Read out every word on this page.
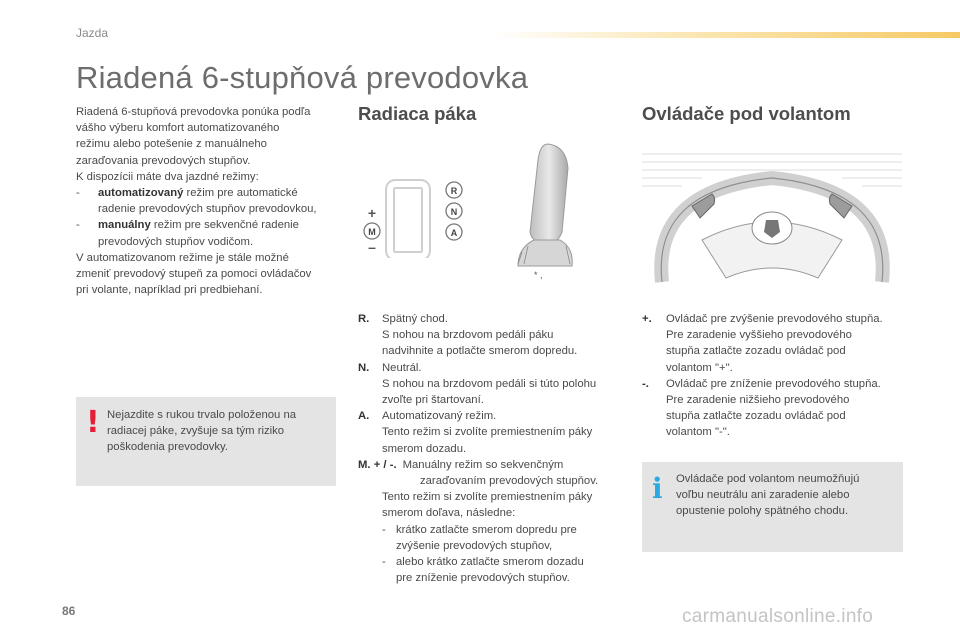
Jazda
Riadená 6-stupňová prevodovka
Riadená 6-stupňová prevodovka ponúka podľa
vášho výberu komfort automatizovaného
režimu alebo potešenie z manuálneho
zaraďovania prevodových stupňov.
K dispozícii máte dva jazdné režimy:
-	automatizovaný režim pre automatické
radenie prevodových stupňov prevodovkou,
-	manuálny režim pre sekvenčné radenie
prevodových stupňov vodičom.
V automatizovanom režime je stále možné
zmeniť prevodový stupeň za pomoci ovládačov
pri volante, napríklad pri predbiehaní.
! Nejazdite s rukou trvalo položenou na
radiacej páke, zvyšuje sa tým riziko
poškodenia prevodovky.
Radiaca páka
+
–
M
R
N
A
* ,
R.	Spätný chod.
S nohou na brzdovom pedáli páku
nadvihnite a potlačte smerom dopredu.
N.	Neutrál.
S nohou na brzdovom pedáli si túto polohu
zvoľte pri štartovaní.
A.	Automatizovaný režim.
Tento režim si zvolíte premiestnením páky
smerom dozadu.
M. + / -. Manuálny režim so sekvenčným
zaraďovaním prevodových stupňov.
Tento režim si zvolíte premiestnením páky
smerom doľava, následne:
- krátko zatlačte smerom dopredu pre
zvýšenie prevodových stupňov,
- alebo krátko zatlačte smerom dozadu
pre zníženie prevodových stupňov.
Ovládače pod volantom
+.	Ovládač pre zvýšenie prevodového stupňa.
Pre zaradenie vyššieho prevodového
stupňa zatlačte zozadu ovládač pod
volantom "+".
-.	Ovládač pre zníženie prevodového stupňa.
Pre zaradenie nižšieho prevodového
stupňa zatlačte zozadu ovládač pod
volantom "-".
i Ovládače pod volantom neumožňujú
voľbu neutrálu ani zaradenie alebo
opustenie polohy spätného chodu.
86	carmanualsonline.info
